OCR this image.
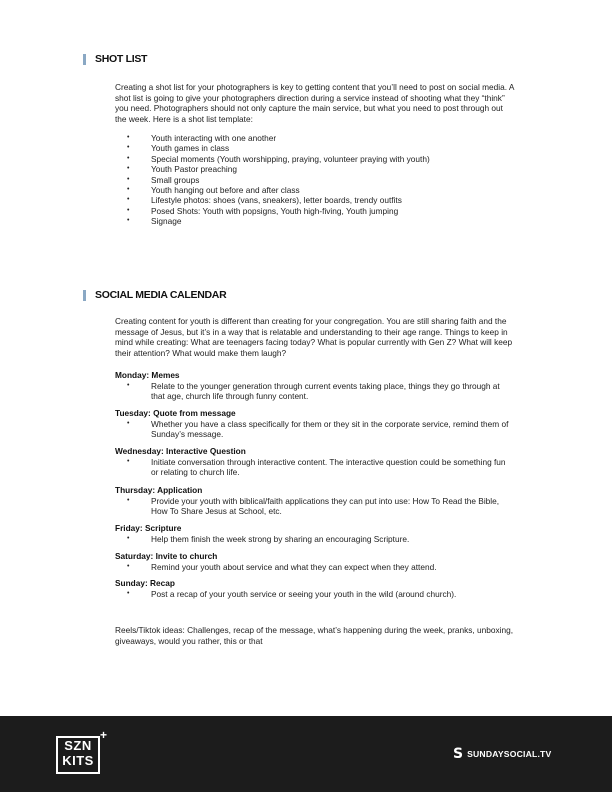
SHOT LIST

Creating a shot list for your photographers is key to getting content that you’ll need to post on social media. A shot list is going to give your photographers direction during a service instead of shooting what they “think” you need. Photographers should not only capture the main service, but what you need to post through out the week. Here is a shot list template:

• Youth interacting with one another
• Youth games in class
• Special moments (Youth worshipping, praying, volunteer praying with youth)
• Youth Pastor preaching
• Small groups
• Youth hanging out before and after class
• Lifestyle photos: shoes (vans, sneakers), letter boards, trendy outfits
• Posed Shots: Youth with popsigns, Youth high-fiving, Youth jumping
• Signage
SOCIAL MEDIA CALENDAR

Creating content for youth is different than creating for your congregation. You are still sharing faith and the message of Jesus, but it’s in a way that is relatable and understanding to their age range. Things to keep in mind while creating: What are teenagers facing today? What is popular currently with Gen Z? What will keep their attention? What would make them laugh?

Monday: Memes
• Relate to the younger generation through current events taking place, things they go through at that age, church life through funny content.
Tuesday: Quote from message
• Whether you have a class specifically for them or they sit in the corporate service, remind them of Sunday’s message.
Wednesday: Interactive Question
• Initiate conversation through interactive content. The interactive question could be something fun or relating to church life.
Thursday: Application
• Provide your youth with biblical/faith applications they can put into use: How To Read the Bible, How To Share Jesus at School, etc.
Friday: Scripture
• Help them finish the week strong by sharing an encouraging Scripture.
Saturday: Invite to church
• Remind your youth about service and what they can expect when they attend.
Sunday: Recap
• Post a recap of your youth service or seeing your youth in the wild (around church).

Reels/Tiktok ideas: Challenges, recap of the message, what’s happening during the week, pranks, unboxing, giveaways, would you rather, this or that

SZN
KITS
+
S SUNDAYSOCIAL.TV
